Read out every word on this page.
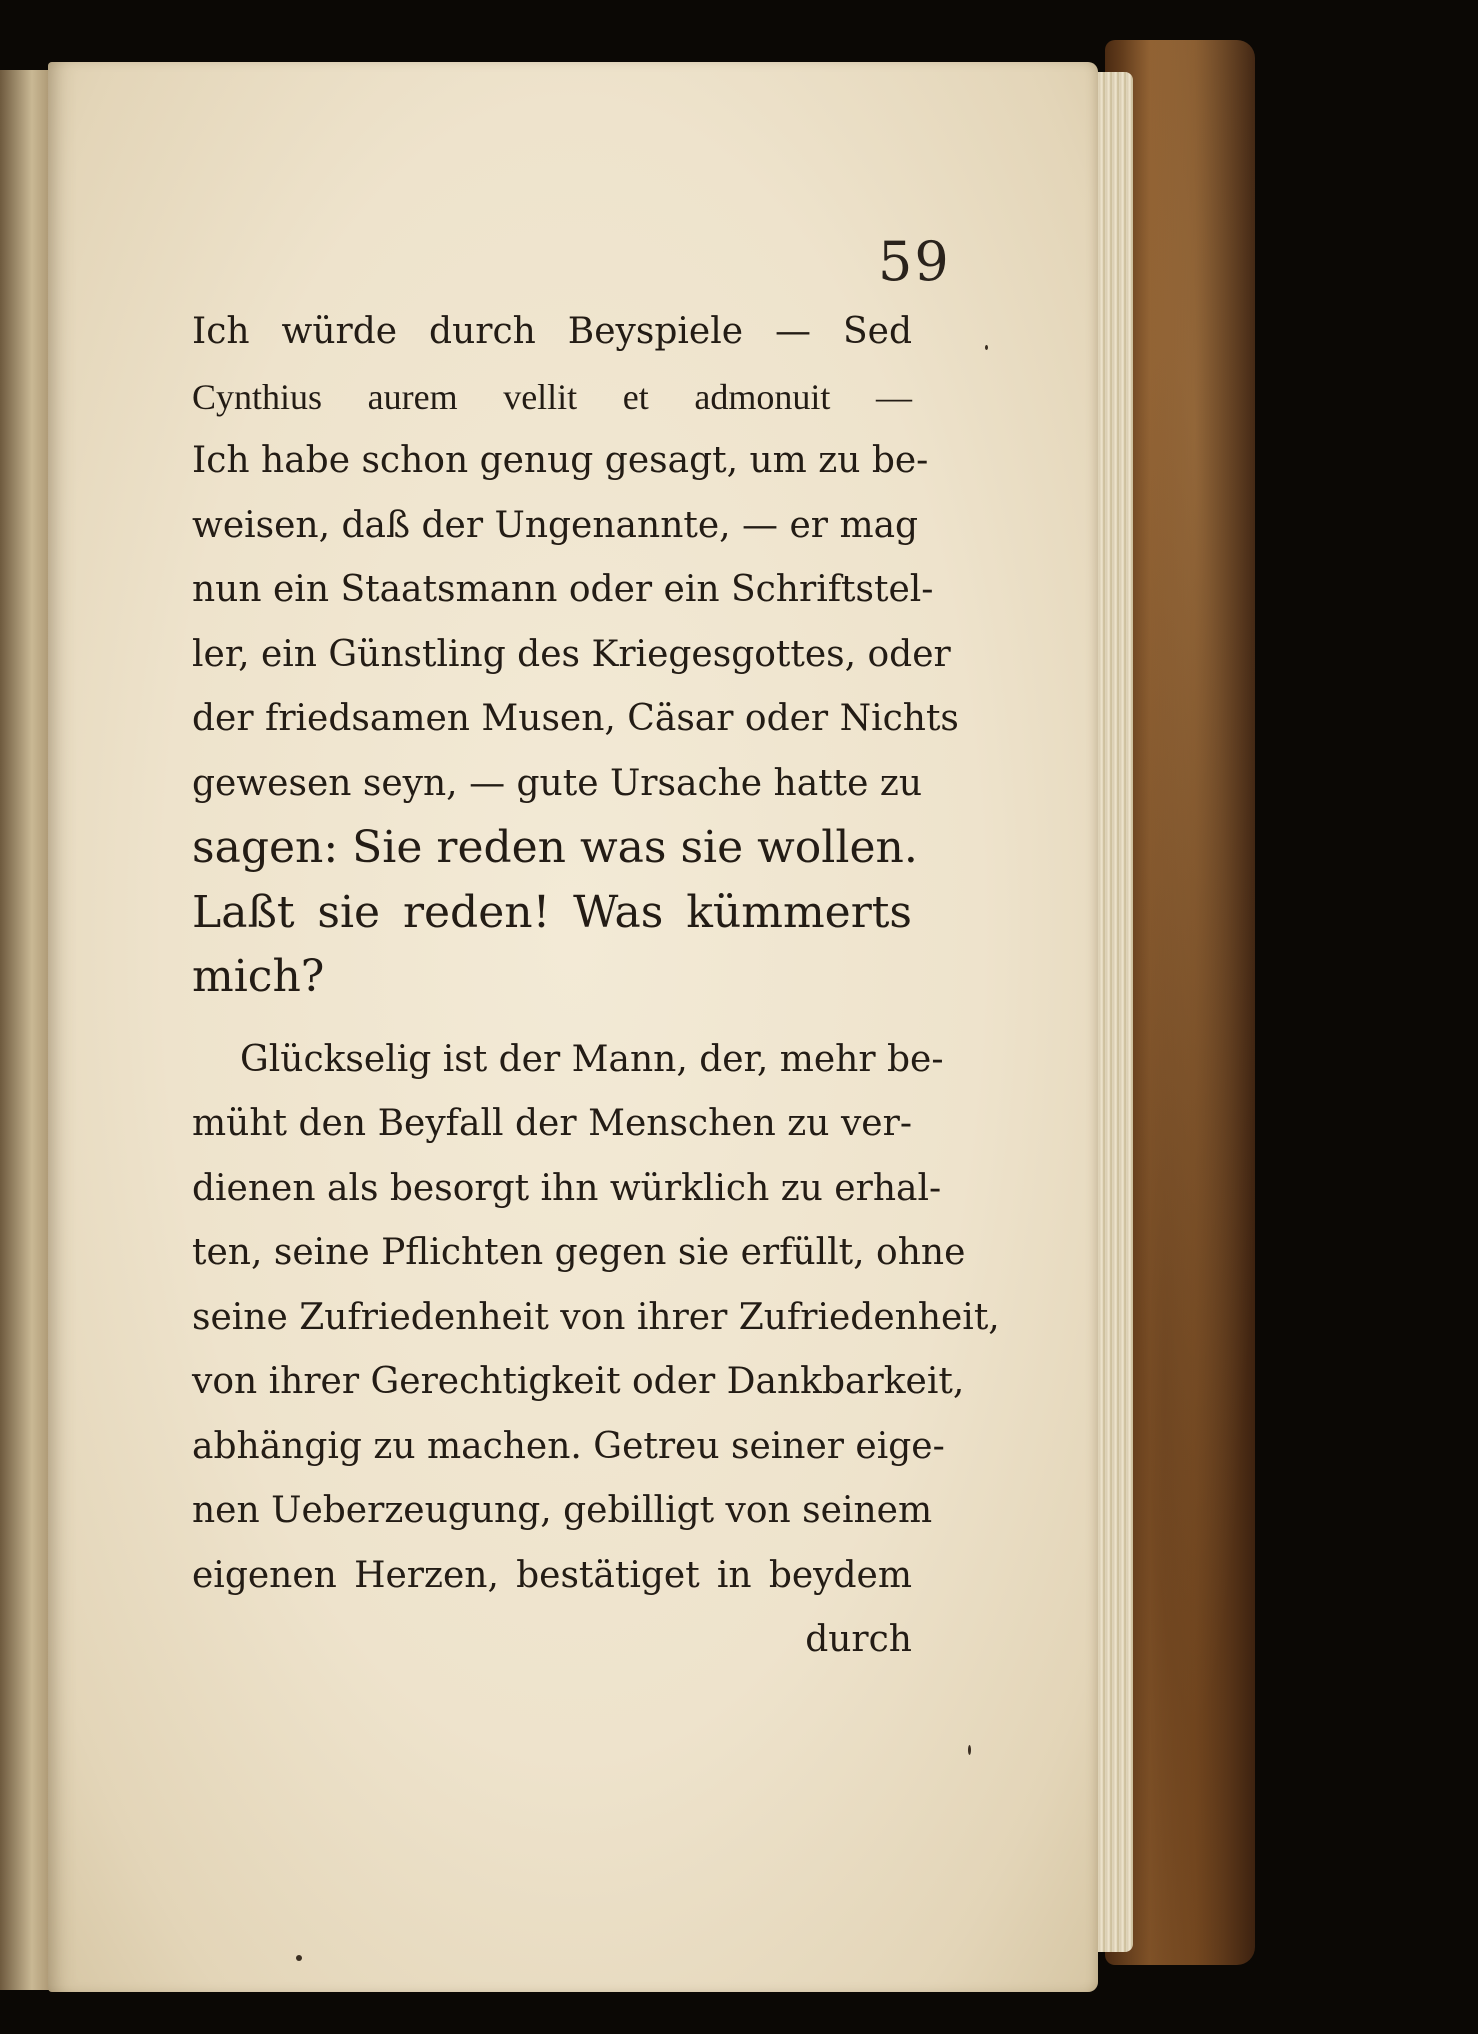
59
Ich würde durch Beyspiele — Sed
Cynthius aurem vellit et admonuit —
Ich habe schon genug gesagt, um zu be-
weisen, daß der Ungenannte, — er mag
nun ein Staatsmann oder ein Schriftstel-
ler, ein Günstling des Kriegesgottes, oder
der friedsamen Musen, Cäsar oder Nichts
gewesen seyn, — gute Ursache hatte zu
sagen: Sie reden was sie wollen.
Laßt sie reden! Was kümmerts
mich?
Glückselig ist der Mann, der, mehr be-
müht den Beyfall der Menschen zu ver-
dienen als besorgt ihn würklich zu erhal-
ten, seine Pflichten gegen sie erfüllt, ohne
seine Zufriedenheit von ihrer Zufriedenheit,
von ihrer Gerechtigkeit oder Dankbarkeit,
abhängig zu machen. Getreu seiner eige-
nen Ueberzeugung, gebilligt von seinem
eigenen Herzen, bestätiget in beydem
durch
